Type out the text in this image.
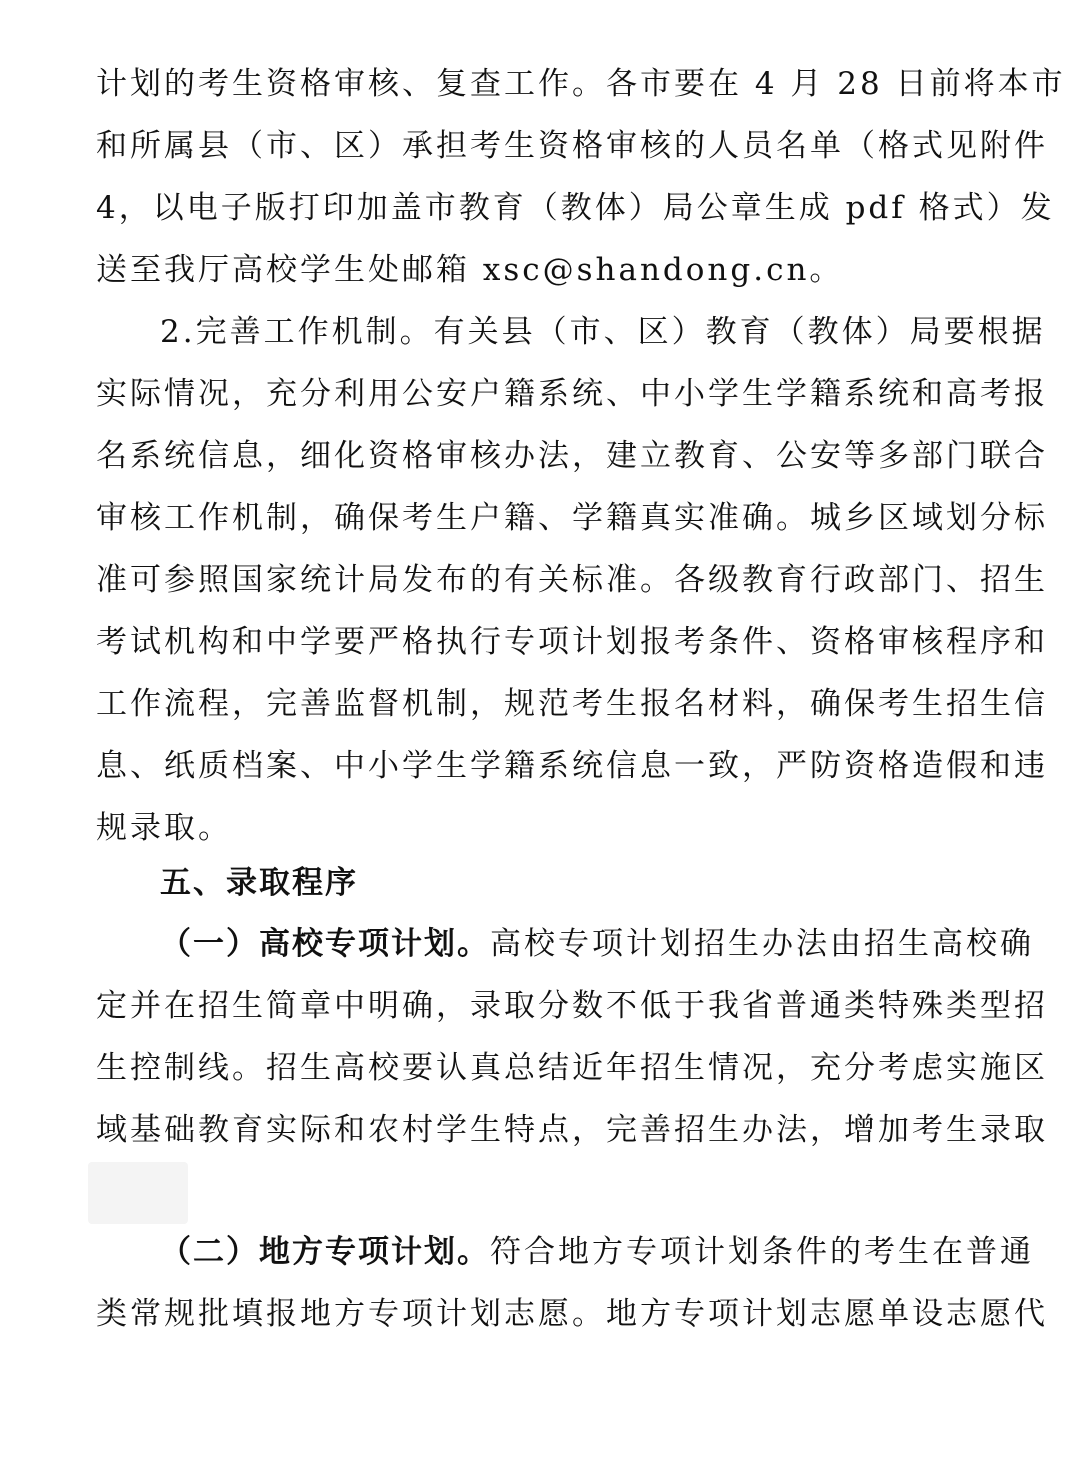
计划的考生资格审核、复查工作。各市要在 4 月 28 日前将本市
和所属县（市、区）承担考生资格审核的人员名单（格式见附件
4，以电子版打印加盖市教育（教体）局公章生成 pdf 格式）发
送至我厅高校学生处邮箱 xsc@shandong.cn。
2.完善工作机制。有关县（市、区）教育（教体）局要根据
实际情况，充分利用公安户籍系统、中小学生学籍系统和高考报
名系统信息，细化资格审核办法，建立教育、公安等多部门联合
审核工作机制，确保考生户籍、学籍真实准确。城乡区域划分标
准可参照国家统计局发布的有关标准。各级教育行政部门、招生
考试机构和中学要严格执行专项计划报考条件、资格审核程序和
工作流程，完善监督机制，规范考生报名材料，确保考生招生信
息、纸质档案、中小学生学籍系统信息一致，严防资格造假和违
规录取。
五、录取程序
（一）高校专项计划。高校专项计划招生办法由招生高校确
定并在招生简章中明确，录取分数不低于我省普通类特殊类型招
生控制线。招生高校要认真总结近年招生情况，充分考虑实施区
域基础教育实际和农村学生特点，完善招生办法，增加考生录取
（二）地方专项计划。符合地方专项计划条件的考生在普通
类常规批填报地方专项计划志愿。地方专项计划志愿单设志愿代
